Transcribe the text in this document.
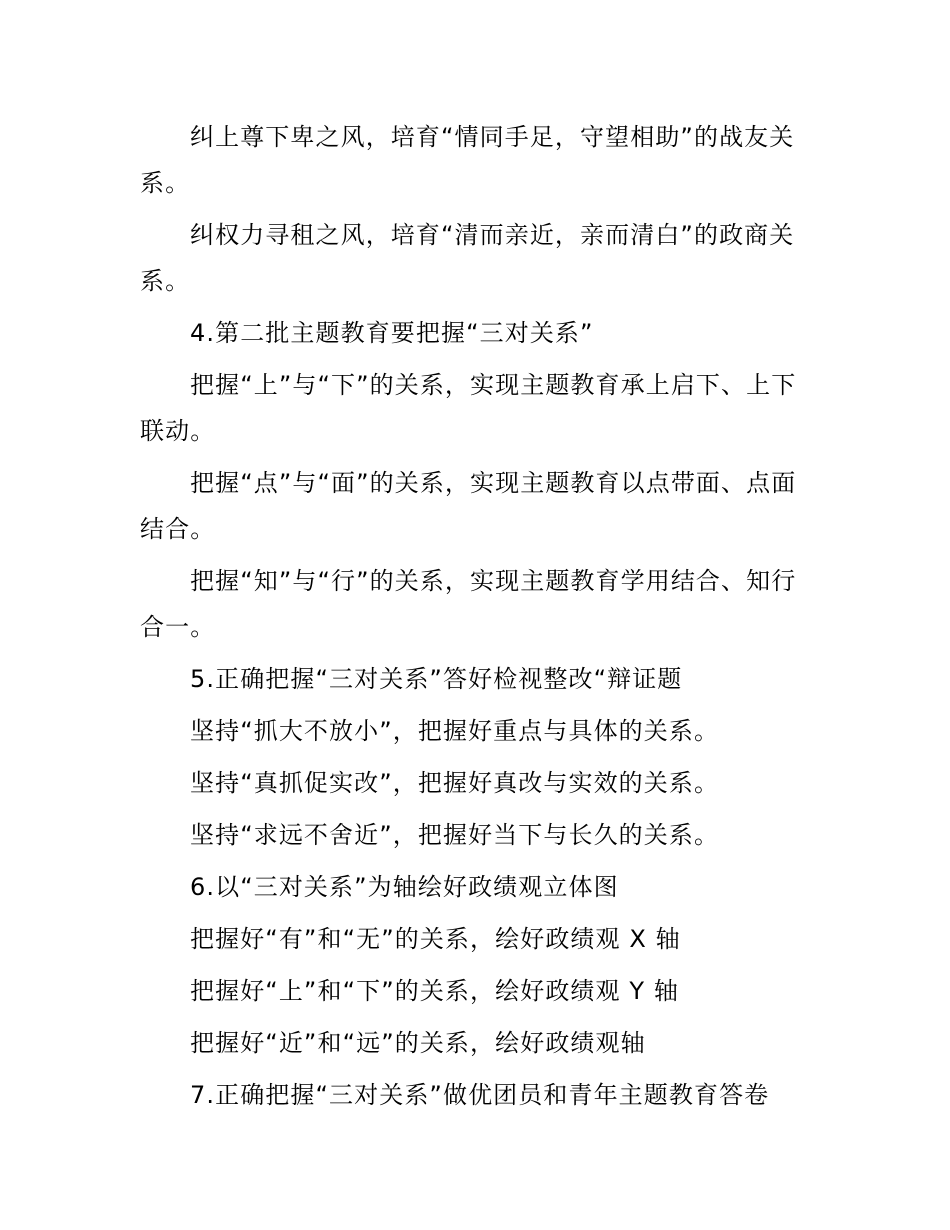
纠上尊下卑之风，培育“情同手足，守望相助”的战友关系。

纠权力寻租之风，培育“清而亲近，亲而清白”的政商关系。

4.第二批主题教育要把握“三对关系”

把握“上”与“下”的关系，实现主题教育承上启下、上下联动。

把握“点”与“面”的关系，实现主题教育以点带面、点面结合。

把握“知”与“行”的关系，实现主题教育学用结合、知行合一。

5.正确把握“三对关系”答好检视整改“辩证题

坚持“抓大不放小”，把握好重点与具体的关系。

坚持“真抓促实改”，把握好真改与实效的关系。

坚持“求远不舍近”，把握好当下与长久的关系。

6.以“三对关系”为轴绘好政绩观立体图

把握好“有”和“无”的关系，绘好政绩观 X 轴

把握好“上”和“下”的关系，绘好政绩观 Y 轴

把握好“近”和“远”的关系，绘好政绩观轴

7.正确把握“三对关系”做优团员和青年主题教育答卷
